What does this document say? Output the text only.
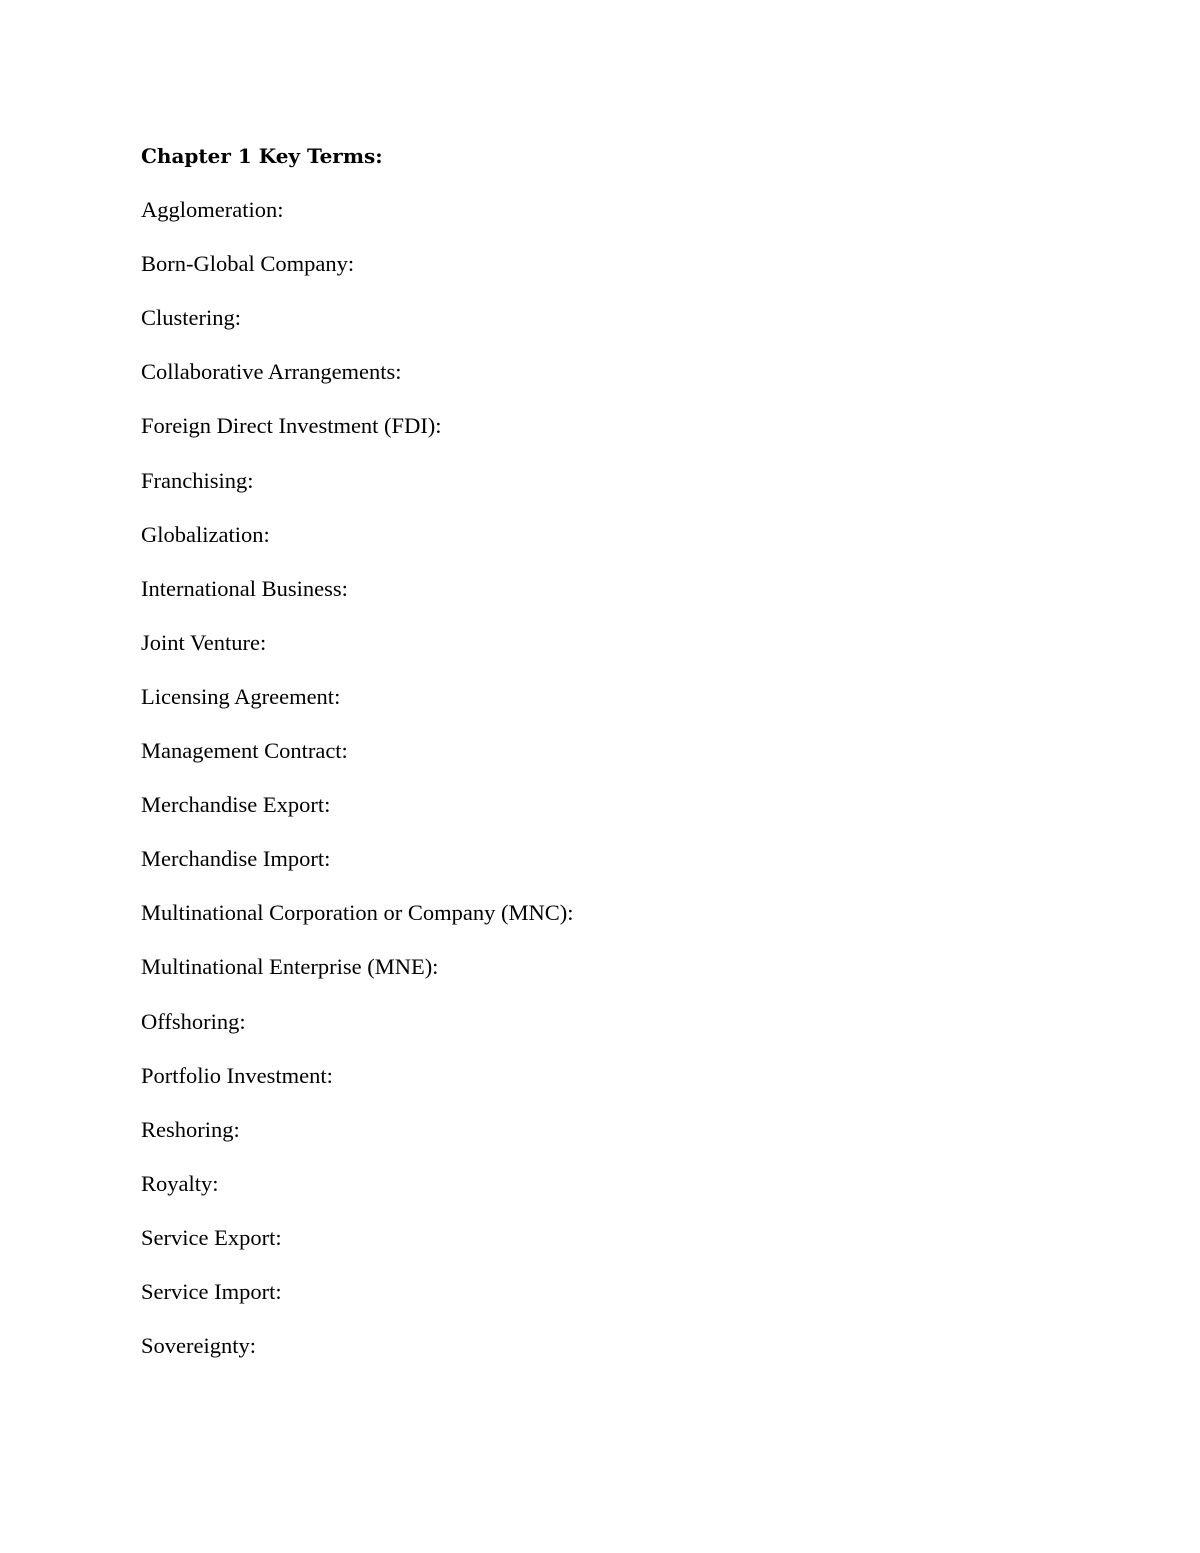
Chapter 1 Key Terms:
Agglomeration:
Born-Global Company:
Clustering:
Collaborative Arrangements:
Foreign Direct Investment (FDI):
Franchising:
Globalization:
International Business:
Joint Venture:
Licensing Agreement:
Management Contract:
Merchandise Export:
Merchandise Import:
Multinational Corporation or Company (MNC):
Multinational Enterprise (MNE):
Offshoring:
Portfolio Investment:
Reshoring:
Royalty:
Service Export:
Service Import:
Sovereignty:
